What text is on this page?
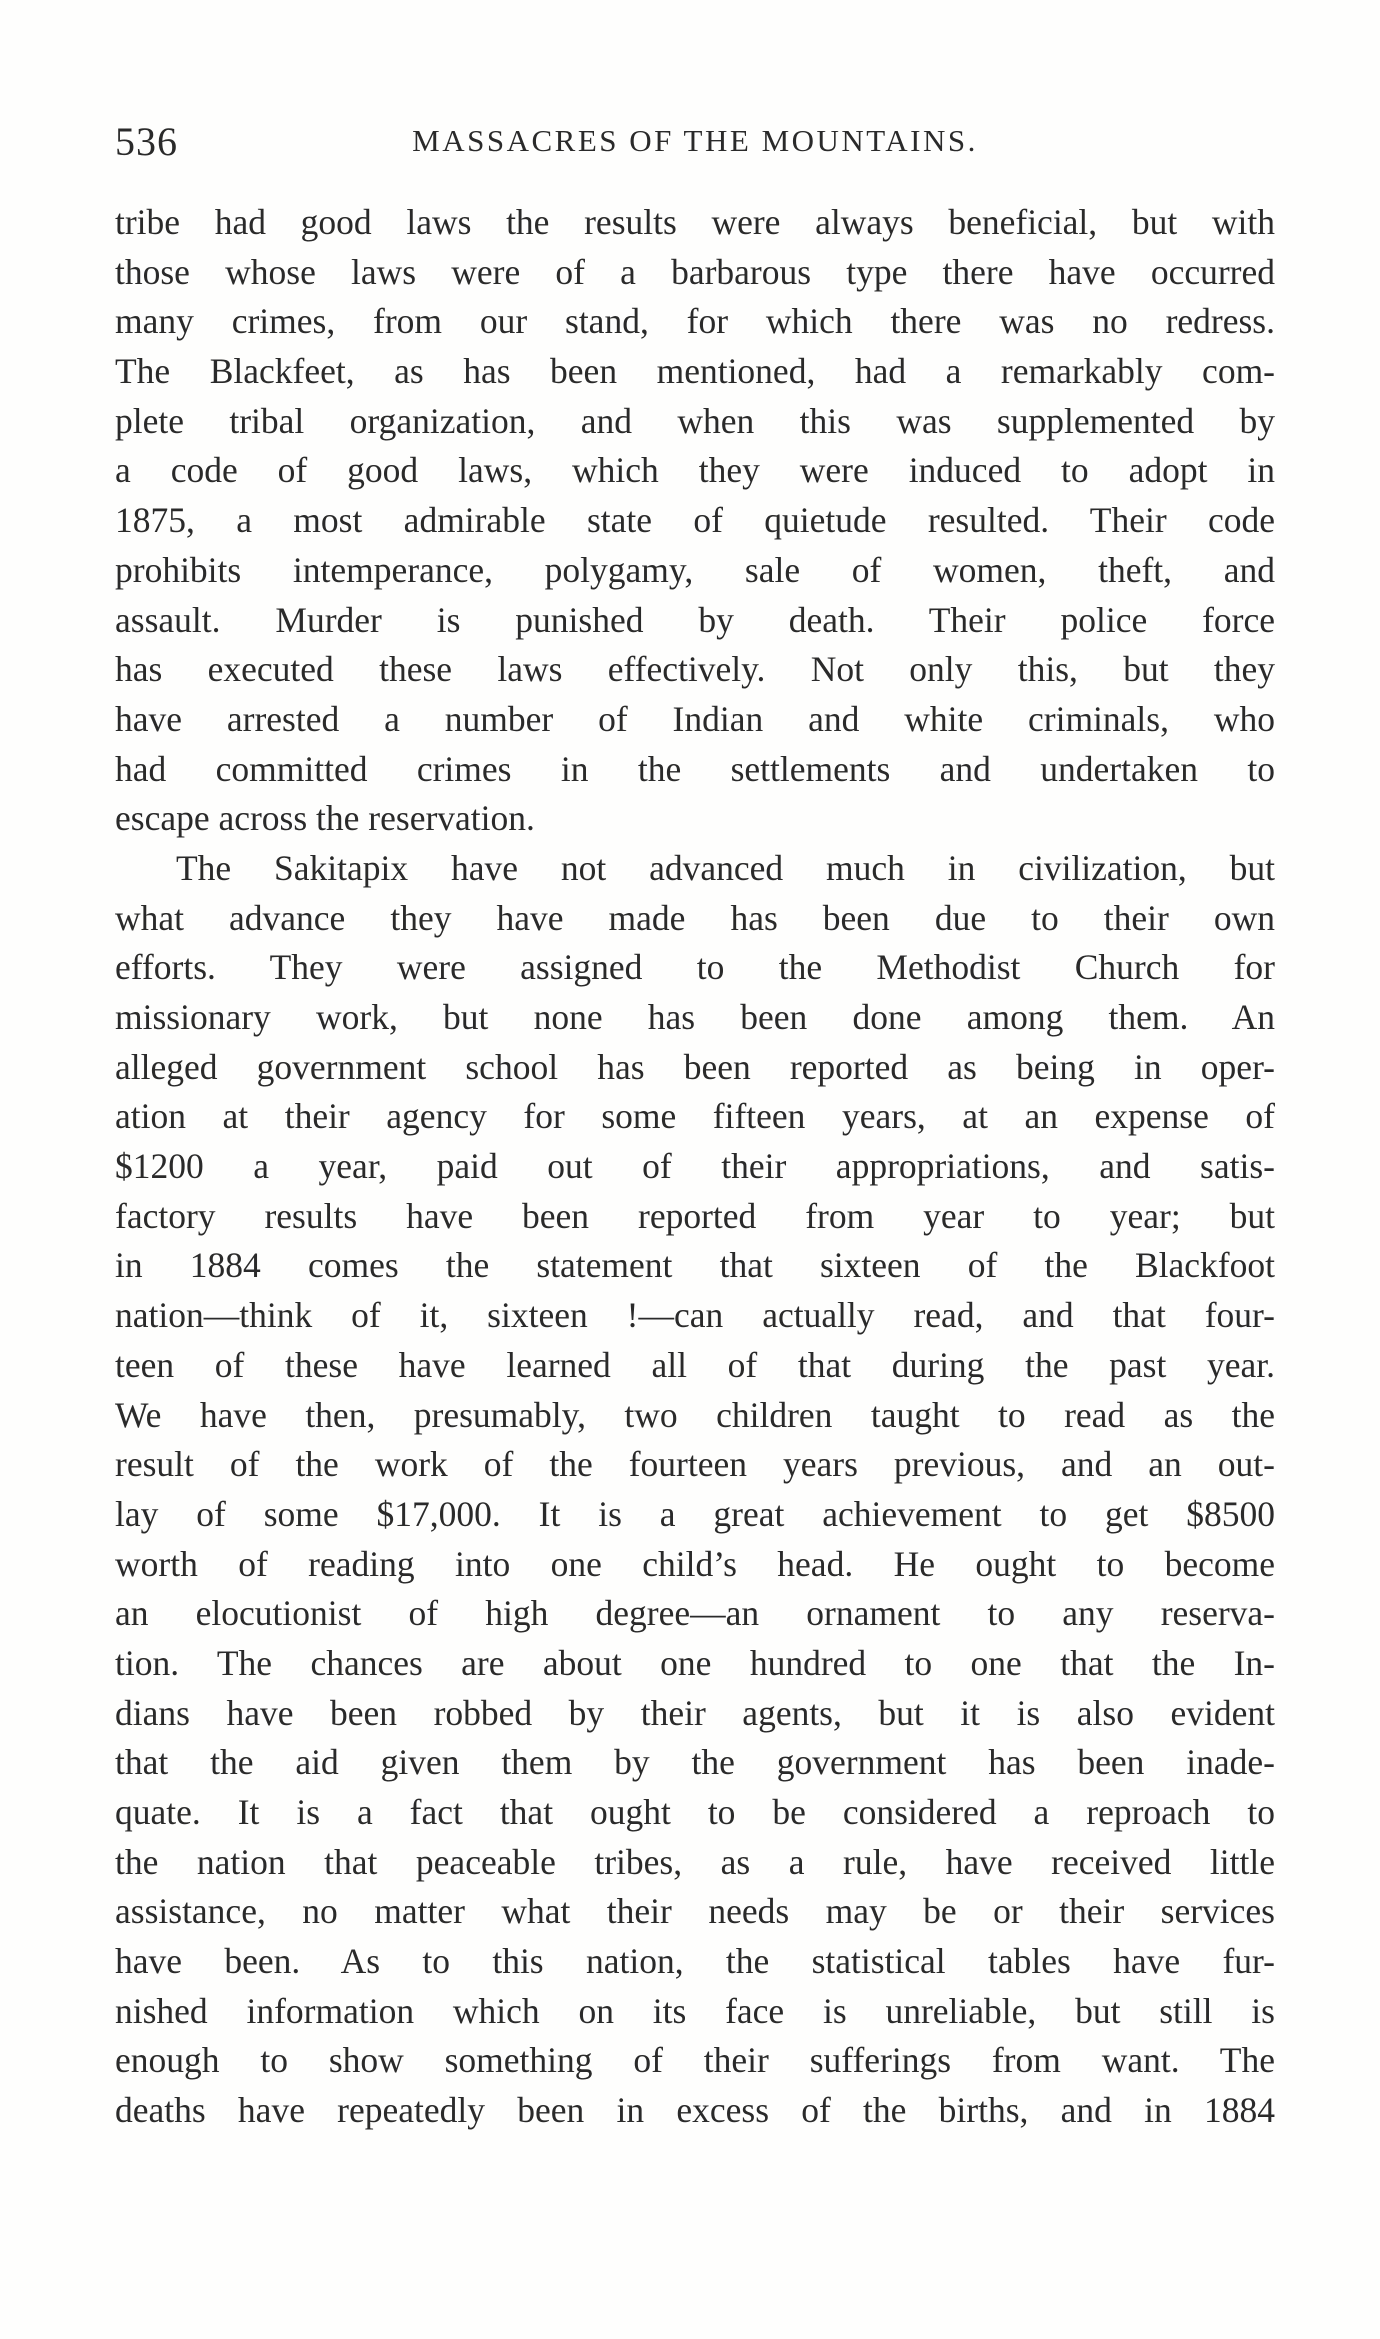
536	MASSACRES OF THE MOUNTAINS.
tribe had good laws the results were always beneficial, but with
those whose laws were of a barbarous type there have occurred
many crimes, from our stand, for which there was no redress.
The Blackfeet, as has been mentioned, had a remarkably com-
plete tribal organization, and when this was supplemented by
a code of good laws, which they were induced to adopt in
1875, a most admirable state of quietude resulted. Their code
prohibits intemperance, polygamy, sale of women, theft, and
assault. Murder is punished by death. Their police force
has executed these laws effectively. Not only this, but they
have arrested a number of Indian and white criminals, who
had committed crimes in the settlements and undertaken to
escape across the reservation.
The Sakitapix have not advanced much in civilization, but
what advance they have made has been due to their own
efforts. They were assigned to the Methodist Church for
missionary work, but none has been done among them. An
alleged government school has been reported as being in oper-
ation at their agency for some fifteen years, at an expense of
$1200 a year, paid out of their appropriations, and satis-
factory results have been reported from year to year; but
in 1884 comes the statement that sixteen of the Blackfoot
nation—think of it, sixteen !—can actually read, and that four-
teen of these have learned all of that during the past year.
We have then, presumably, two children taught to read as the
result of the work of the fourteen years previous, and an out-
lay of some $17,000. It is a great achievement to get $8500
worth of reading into one child’s head. He ought to become
an elocutionist of high degree—an ornament to any reserva-
tion. The chances are about one hundred to one that the In-
dians have been robbed by their agents, but it is also evident
that the aid given them by the government has been inade-
quate. It is a fact that ought to be considered a reproach to
the nation that peaceable tribes, as a rule, have received little
assistance, no matter what their needs may be or their services
have been. As to this nation, the statistical tables have fur-
nished information which on its face is unreliable, but still is
enough to show something of their sufferings from want. The
deaths have repeatedly been in excess of the births, and in 1884
